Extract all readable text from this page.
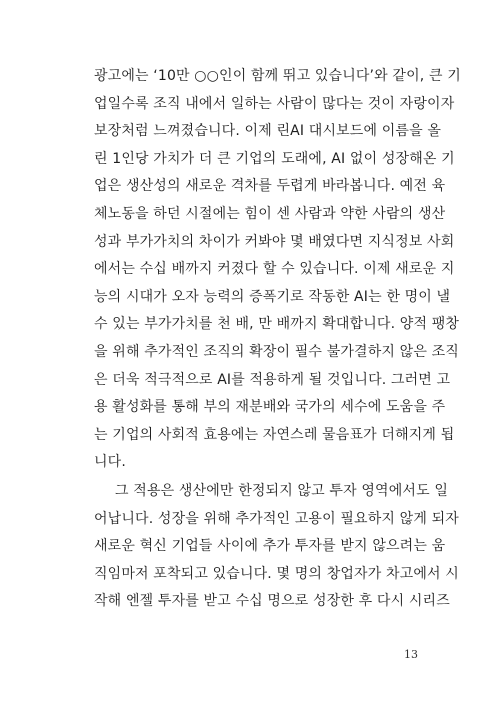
광고에는 ‘10만 ○○인이 함께 뛰고 있습니다’와 같이, 큰 기
업일수록 조직 내에서 일하는 사람이 많다는 것이 자랑이자
보장처럼 느껴졌습니다. 이제 린AI 대시보드에 이름을 올
린 1인당 가치가 더 큰 기업의 도래에, AI 없이 성장해온 기
업은 생산성의 새로운 격차를 두렵게 바라봅니다. 예전 육
체노동을 하던 시절에는 힘이 센 사람과 약한 사람의 생산
성과 부가가치의 차이가 커봐야 몇 배였다면 지식정보 사회
에서는 수십 배까지 커졌다 할 수 있습니다. 이제 새로운 지
능의 시대가 오자 능력의 증폭기로 작동한 AI는 한 명이 낼
수 있는 부가가치를 천 배, 만 배까지 확대합니다. 양적 팽창
을 위해 추가적인 조직의 확장이 필수 불가결하지 않은 조직
은 더욱 적극적으로 AI를 적용하게 될 것입니다. 그러면 고
용 활성화를 통해 부의 재분배와 국가의 세수에 도움을 주
는 기업의 사회적 효용에는 자연스레 물음표가 더해지게 됩
니다.
그 적용은 생산에만 한정되지 않고 투자 영역에서도 일
어납니다. 성장을 위해 추가적인 고용이 필요하지 않게 되자
새로운 혁신 기업들 사이에 추가 투자를 받지 않으려는 움
직임마저 포착되고 있습니다. 몇 명의 창업자가 차고에서 시
작해 엔젤 투자를 받고 수십 명으로 성장한 후 다시 시리즈
13
